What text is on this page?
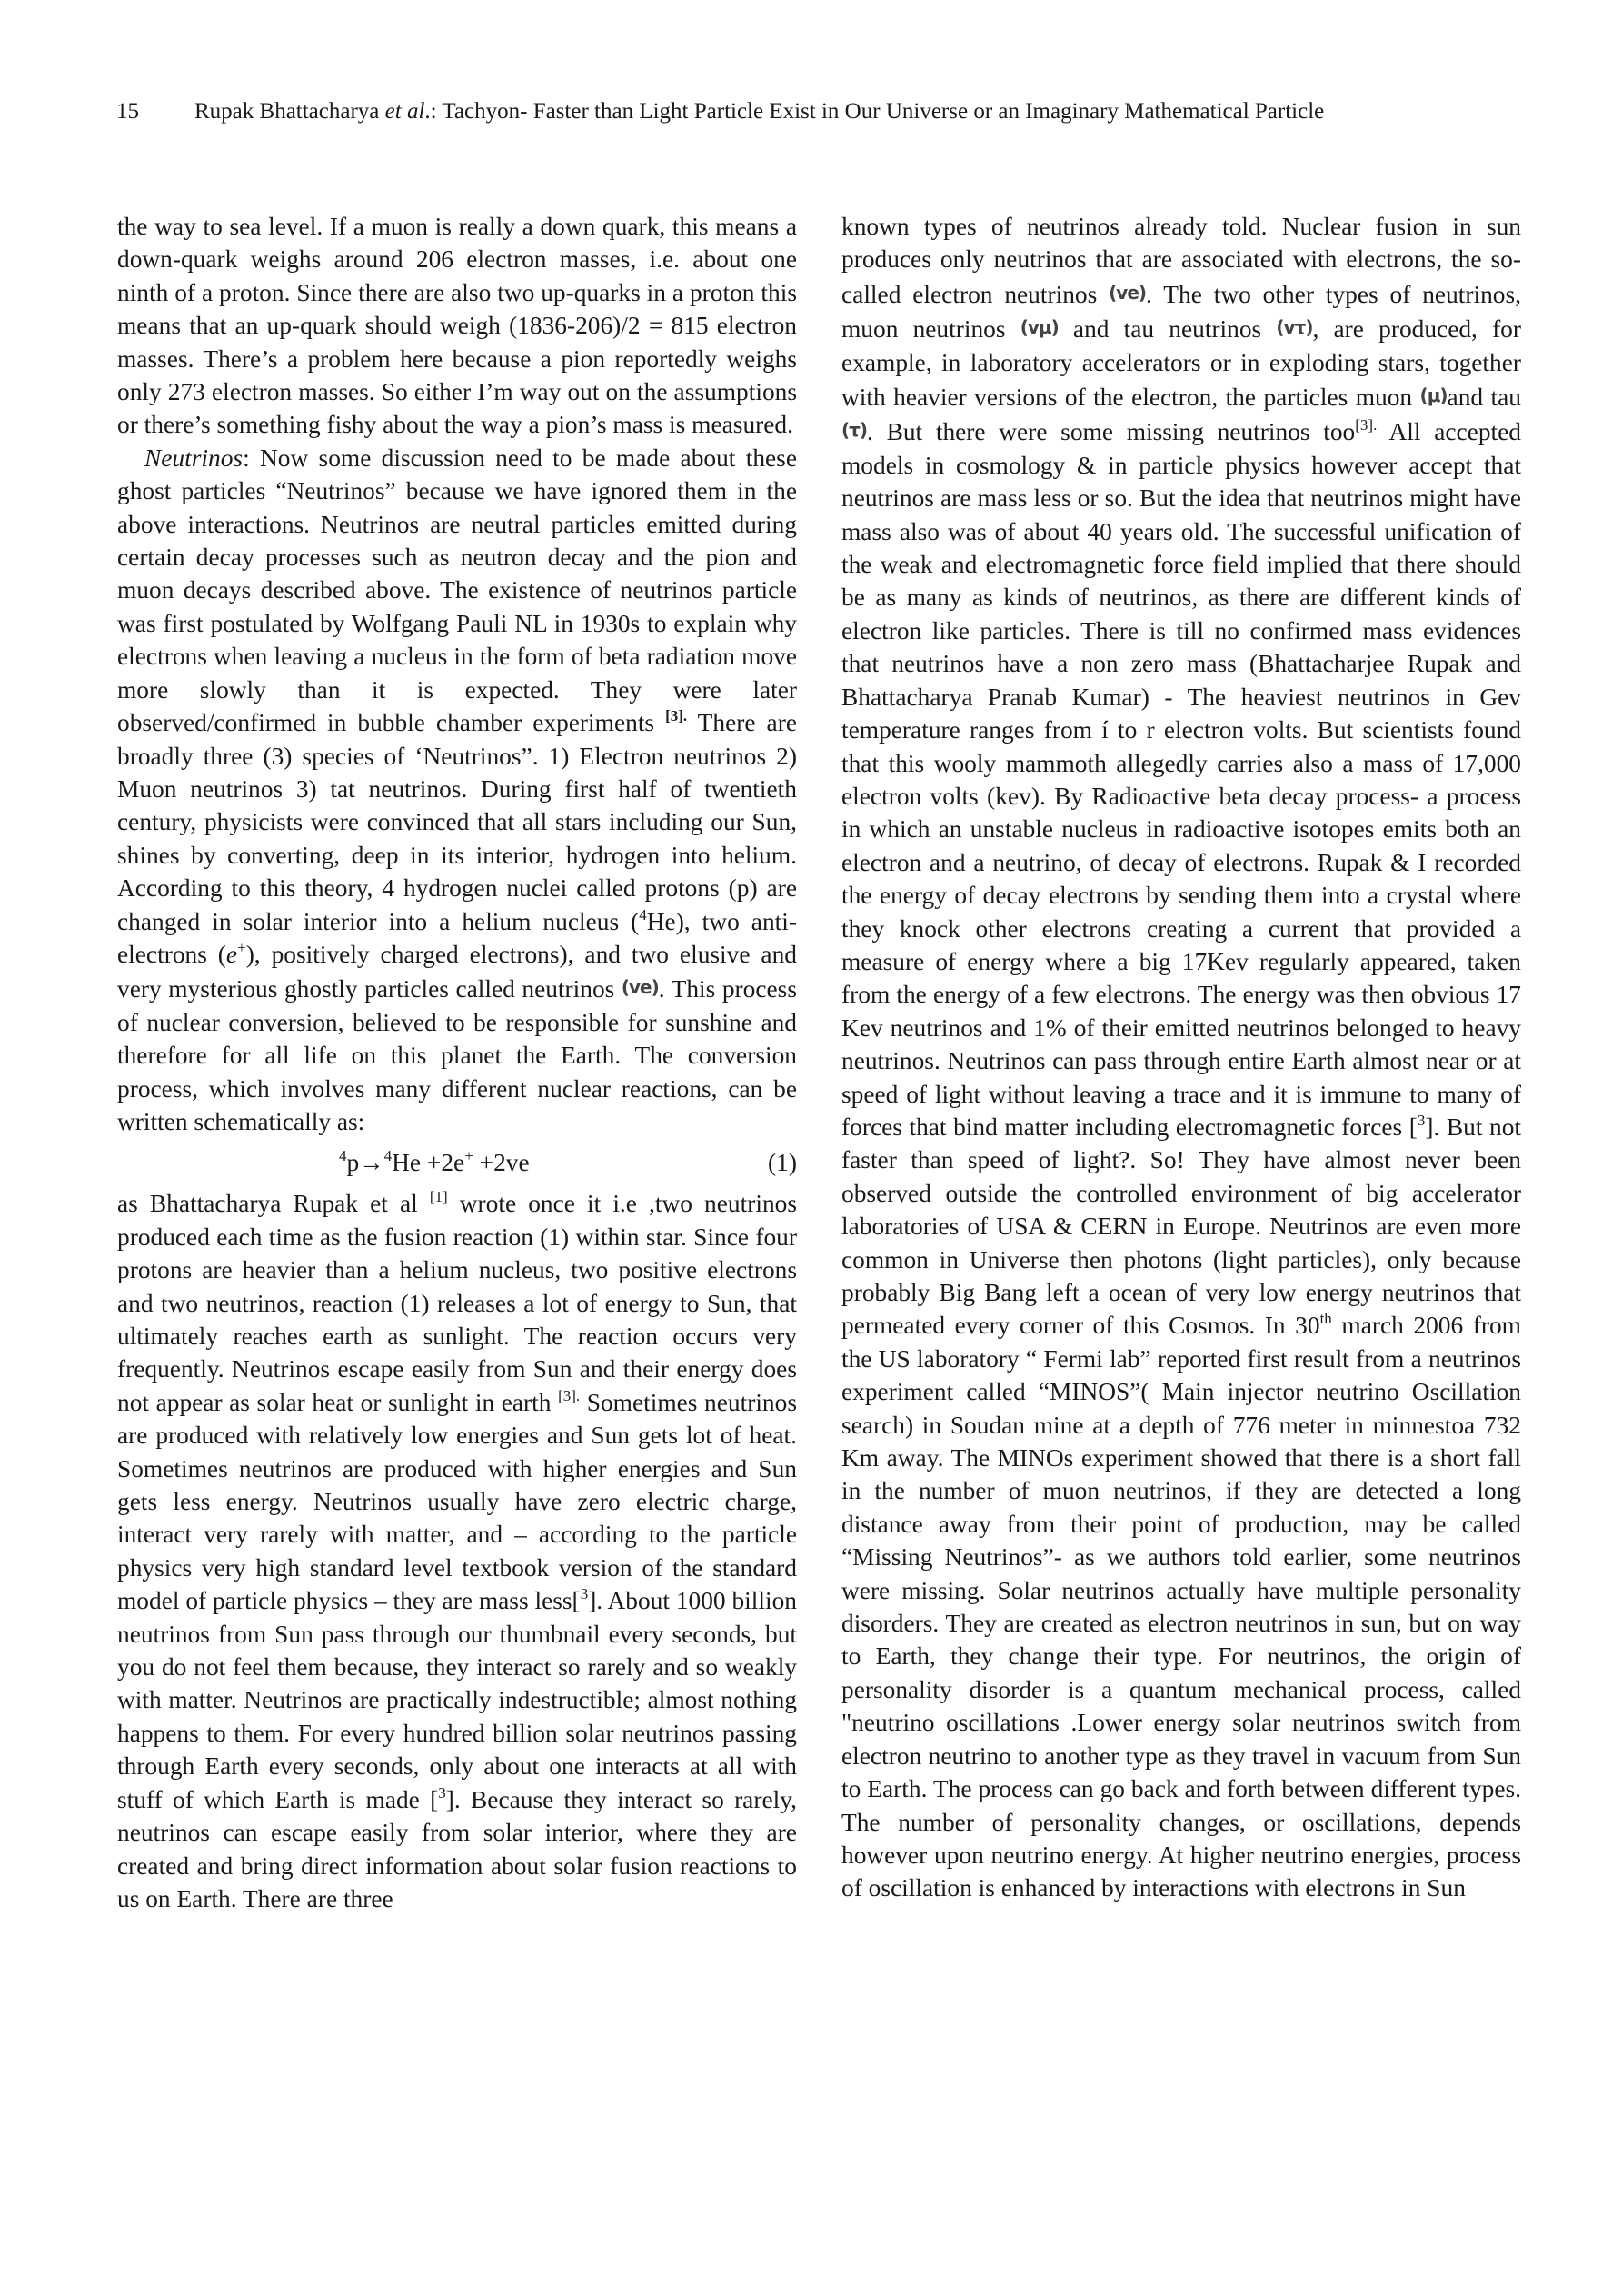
15 Rupak Bhattacharya et al.: Tachyon- Faster than Light Particle Exist in Our Universe or an Imaginary Mathematical Particle

the way to sea level. If a muon is really a down quark, this means a down-quark weighs around 206 electron masses, i.e. about one ninth of a proton. Since there are also two up-quarks in a proton this means that an up-quark should weigh (1836-206)/2 = 815 electron masses. There’s a problem here because a pion reportedly weighs only 273 electron masses. So either I’m way out on the assumptions or there’s something fishy about the way a pion’s mass is measured.

Neutrinos: Now some discussion need to be made about these ghost particles “Neutrinos” because we have ignored them in the above interactions. Neutrinos are neutral particles emitted during certain decay processes such as neutron decay and the pion and muon decays described above. The existence of neutrinos particle was first postulated by Wolfgang Pauli NL in 1930s to explain why electrons when leaving a nucleus in the form of beta radiation move more slowly than it is expected. They were later observed/confirmed in bubble chamber experiments $^{[3].}$ There are broadly three (3) species of ‘Neutrinos”. 1) Electron neutrinos 2) Muon neutrinos 3) tat neutrinos. During first half of twentieth century, physicists were convinced that all stars including our Sun, shines by converting, deep in its interior, hydrogen into helium. According to this theory, 4 hydrogen nuclei called protons (p) are changed in solar interior into a helium nucleus ($^4$He), two anti-electrons (e+), positively charged electrons), and two elusive and very mysterious ghostly particles called neutrinos (ve). This process of nuclear conversion, believed to be responsible for sunshine and therefore for all life on this planet the Earth. The conversion process, which involves many different nuclear reactions, can be written schematically as:

$^4$p→$^4$He +2e+ +2ve	(1)

as Bhattacharya Rupak et al [1] wrote once it i.e ,two neutrinos produced each time as the fusion reaction (1) within star. Since four protons are heavier than a helium nucleus, two positive electrons and two neutrinos, reaction (1) releases a lot of energy to Sun, that ultimately reaches earth as sunlight. The reaction occurs very frequently. Neutrinos escape easily from Sun and their energy does not appear as solar heat or sunlight in earth $^{[3].}$ Sometimes neutrinos are produced with relatively low energies and Sun gets lot of heat. Sometimes neutrinos are produced with higher energies and Sun gets less energy. Neutrinos usually have zero electric charge, interact very rarely with matter, and – according to the particle physics very high standard level textbook version of the standard model of particle physics – they are mass less[$^3$]. About 1000 billion neutrinos from Sun pass through our thumbnail every seconds, but you do not feel them because, they interact so rarely and so weakly with matter. Neutrinos are practically indestructible; almost nothing happens to them. For every hundred billion solar neutrinos passing through Earth every seconds, only about one interacts at all with stuff of which Earth is made [$^3$]. Because they interact so rarely, neutrinos can escape easily from solar interior, where they are created and bring direct information about solar fusion reactions to us on Earth. There are three

known types of neutrinos already told. Nuclear fusion in sun produces only neutrinos that are associated with electrons, the so-called electron neutrinos (ve). The two other types of neutrinos, muon neutrinos (vμ) and tau neutrinos (vτ), are produced, for example, in laboratory accelerators or in exploding stars, together with heavier versions of the electron, the particles muon (μ)and tau (τ). But there were some missing neutrinos too$^{[3].}$ All accepted models in cosmology & in particle physics however accept that neutrinos are mass less or so. But the idea that neutrinos might have mass also was of about 40 years old. The successful unification of the weak and electromagnetic force field implied that there should be as many as kinds of neutrinos, as there are different kinds of electron like particles. There is till no confirmed mass evidences that neutrinos have a non zero mass (Bhattacharjee Rupak and Bhattacharya Pranab Kumar) - The heaviest neutrinos in Gev temperature ranges from í to r electron volts. But scientists found that this wooly mammoth allegedly carries also a mass of 17,000 electron volts (kev). By Radioactive beta decay process- a process in which an unstable nucleus in radioactive isotopes emits both an electron and a neutrino, of decay of electrons. Rupak & I recorded the energy of decay electrons by sending them into a crystal where they knock other electrons creating a current that provided a measure of energy where a big 17Kev regularly appeared, taken from the energy of a few electrons. The energy was then obvious 17 Kev neutrinos and 1% of their emitted neutrinos belonged to heavy neutrinos. Neutrinos can pass through entire Earth almost near or at speed of light without leaving a trace and it is immune to many of forces that bind matter including electromagnetic forces [$^3$]. But not faster than speed of light?. So! They have almost never been observed outside the controlled environment of big accelerator laboratories of USA & CERN in Europe. Neutrinos are even more common in Universe then photons (light particles), only because probably Big Bang left a ocean of very low energy neutrinos that permeated every corner of this Cosmos. In 30th march 2006 from the US laboratory “ Fermi lab” reported first result from a neutrinos experiment called “MINOS”( Main injector neutrino Oscillation search) in Soudan mine at a depth of 776 meter in minnestoa 732 Km away. The MINOs experiment showed that there is a short fall in the number of muon neutrinos, if they are detected a long distance away from their point of production, may be called “Missing Neutrinos”- as we authors told earlier, some neutrinos were missing. Solar neutrinos actually have multiple personality disorders. They are created as electron neutrinos in sun, but on way to Earth, they change their type. For neutrinos, the origin of personality disorder is a quantum mechanical process, called "neutrino oscillations .Lower energy solar neutrinos switch from electron neutrino to another type as they travel in vacuum from Sun to Earth. The process can go back and forth between different types. The number of personality changes, or oscillations, depends however upon neutrino energy. At higher neutrino energies, process of oscillation is enhanced by interactions with electrons in Sun
